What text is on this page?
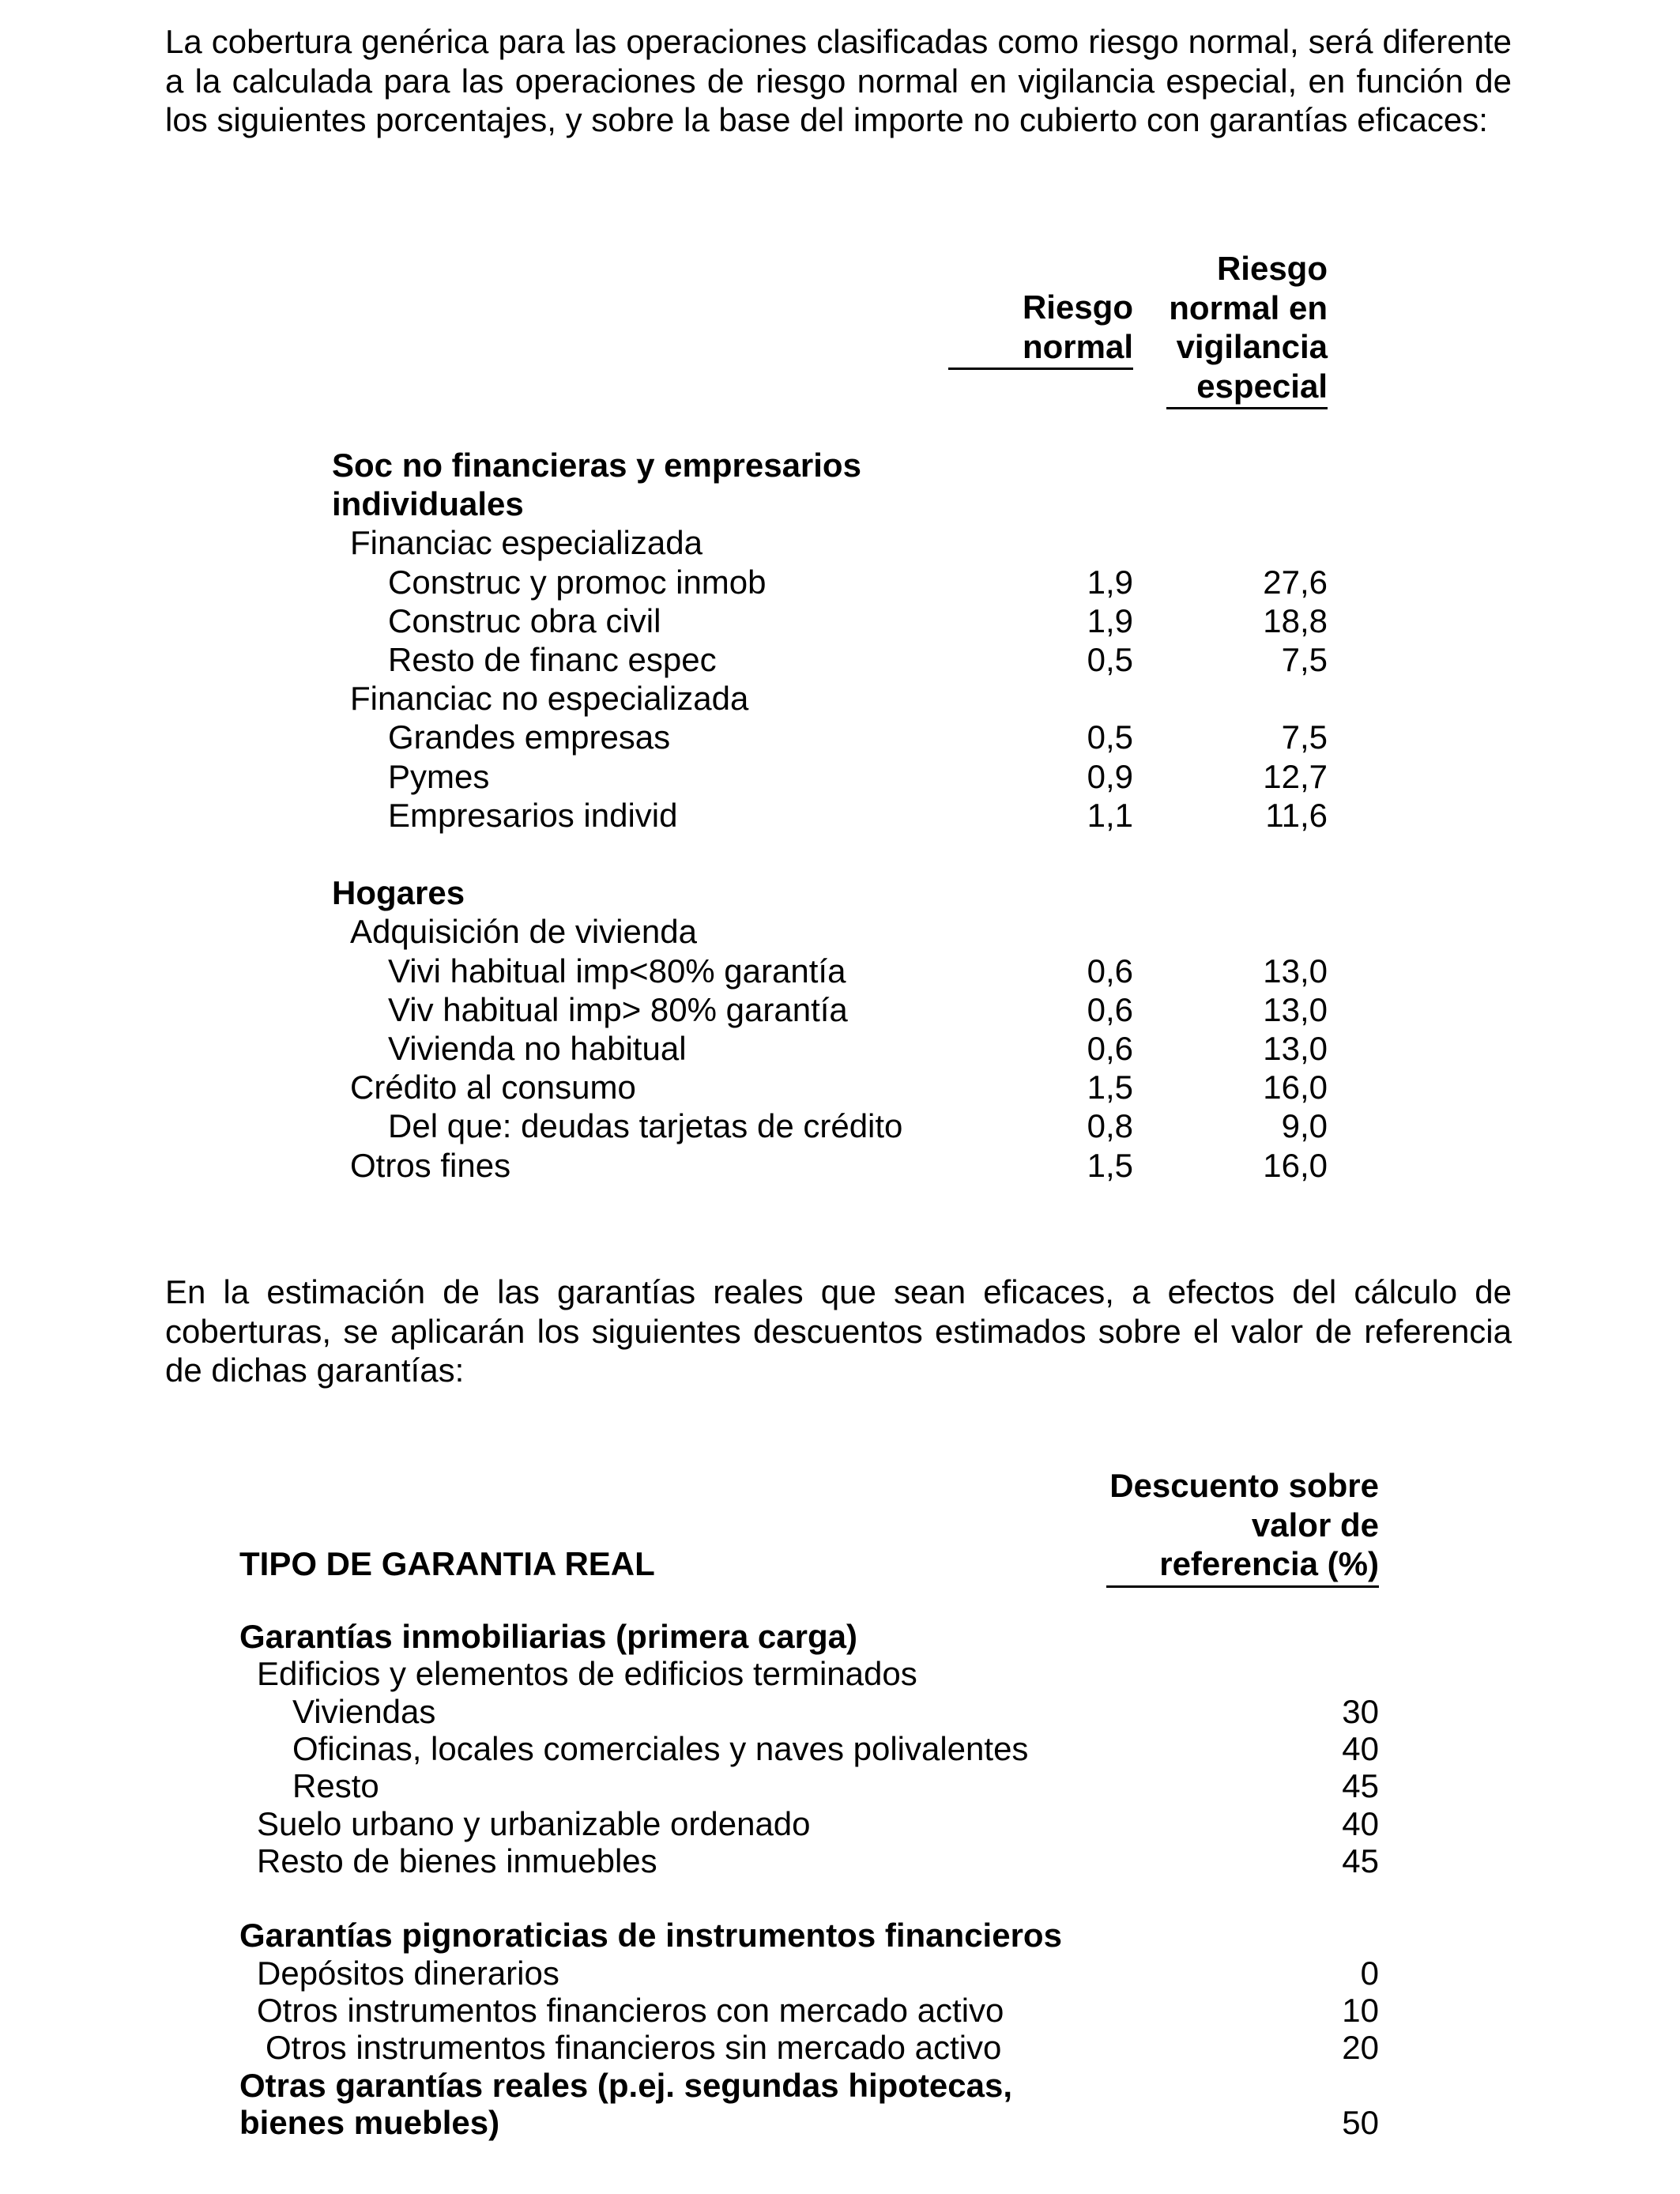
La cobertura genérica para las operaciones clasificadas como riesgo normal, será diferente a la calculada para las operaciones de riesgo normal en vigilancia especial, en función de los siguientes porcentajes, y sobre la base del importe no cubierto con garantías eficaces:

Riesgo
normal
Riesgo
normal en
vigilancia
especial
Soc no financieras y empresarios
individuales
Financiac especializada
Construc y promoc inmob	1,9	27,6
Construc obra civil	1,9	18,8
Resto de financ espec	0,5	7,5
Financiac no especializada
Grandes empresas	0,5	7,5
Pymes	0,9	12,7
Empresarios individ	1,1	11,6
Hogares
Adquisición de vivienda
Vivi habitual imp<80% garantía	0,6	13,0
Viv habitual imp> 80% garantía	0,6	13,0
Vivienda no habitual	0,6	13,0
Crédito al consumo	1,5	16,0
Del que: deudas tarjetas de crédito	0,8	9,0
Otros fines	1,5	16,0

En la estimación de las garantías reales que sean eficaces, a efectos del cálculo de coberturas, se aplicarán los siguientes descuentos estimados sobre el valor de referencia de dichas garantías:

Descuento sobre
valor de
referencia (%)
TIPO DE GARANTIA REAL
Garantías inmobiliarias (primera carga)
Edificios y elementos de edificios terminados
Viviendas	30
Oficinas, locales comerciales y naves polivalentes	40
Resto	45
Suelo urbano y urbanizable ordenado	40
Resto de bienes inmuebles	45
Garantías pignoraticias de instrumentos financieros
Depósitos dinerarios	0
Otros instrumentos financieros con mercado activo	10
Otros instrumentos financieros sin mercado activo	20
Otras garantías reales (p.ej. segundas hipotecas,
bienes muebles)	50
